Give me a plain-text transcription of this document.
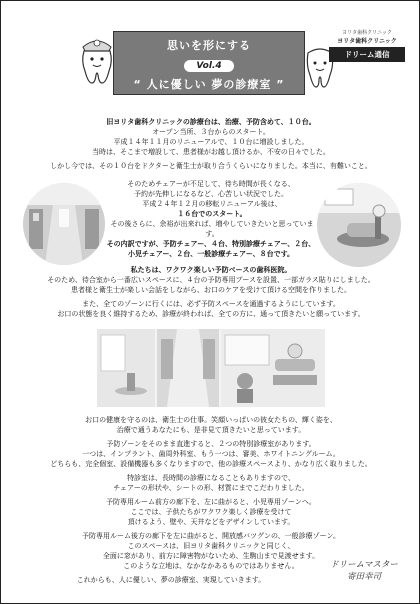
思いを形にする
Vol.4
“ 人に優しい 夢の診療室 ”
ヨリタ歯科クリニック
ヨリタ歯科クリニック
ドリーム通信
旧ヨリタ歯科クリニックの診療台は、治療、予防含めて、１０台。
オープン当所、３台からのスタート。
平成１４年１１月のリニューアルで、１０台に増設しました。
当時は、そこまで増設して、患者様がお越し頂けるか、不安の日々でした。
しかし今では、その１０台をドクターと衛生士が取り合うくらいになりました。本当に、有難いこと。
そのためチェアーが不足して、待ち時間が長くなる、
予約が先伸しになるなど、心苦しい状況でした。
平成２４年１２月の移転リニューアル後は、
１６台でのスタート。
その後さらに、余裕が出来れば、増やしていきたいと思っています。
その内訳ですが、予防チェアー、４台、特別診療チェアー、２台、
小児チェアー、２台、一般診療チェアー、８台です。
私たちは、ワクワク楽しい予防ベースの歯科医院。
そのため、待合室から一番広いスペースに、４台の予防専用ブースを設置、一部ガラス貼りにしました。
患者様と衛生士が楽しい会話をしながら、お口のケアを受けて頂ける空間を作りました。
また、全てのゾーンに行くには、必ず予防スペースを通過するようにしています。
お口の状態を良く維持するため、診療が終われば、全ての方に、通って頂きたいと願っています。
お口の健康を守るのは、衛生士の仕事。笑顔いっぱいの彼女たちの、輝く姿を、
治療で通うあなたにも、是非見て頂きたいと思っています。
予防ゾーンをそのまま直進すると、２つの特別診療室があります。
一つは、インプラント、歯周外科室、もう一つは、審美、ホワイトニングルーム。
どちらも、完全個室、設備機器も多くなりますので、他の診療スペースより、かなり広く取りました。
特診室は、長時間の診療になることもありますので、
チェアーの形状や、シートの形、材質にまでこだわりました。
予防専用ルーム前方の廊下を、左に曲がると、小児専用ゾーンへ。
ここでは、子供たちがワクワク楽しく診療を受けて
頂けるよう、壁や、天井などをデザインしています。
予防専用ルーム後方の廊下を左に曲がると、開放感バツグンの、一般診療ゾーン。
このスペースは、旧ヨリタ歯科クリニックと同じく、
全面に窓があり、前方に障害物がないため、生駒山まで見渡せます。
このような立地は、なかなかあるものではありません。
これからも、人に優しい、夢の診療室、実現していきます。
ドリームマスター
寄田幸司
